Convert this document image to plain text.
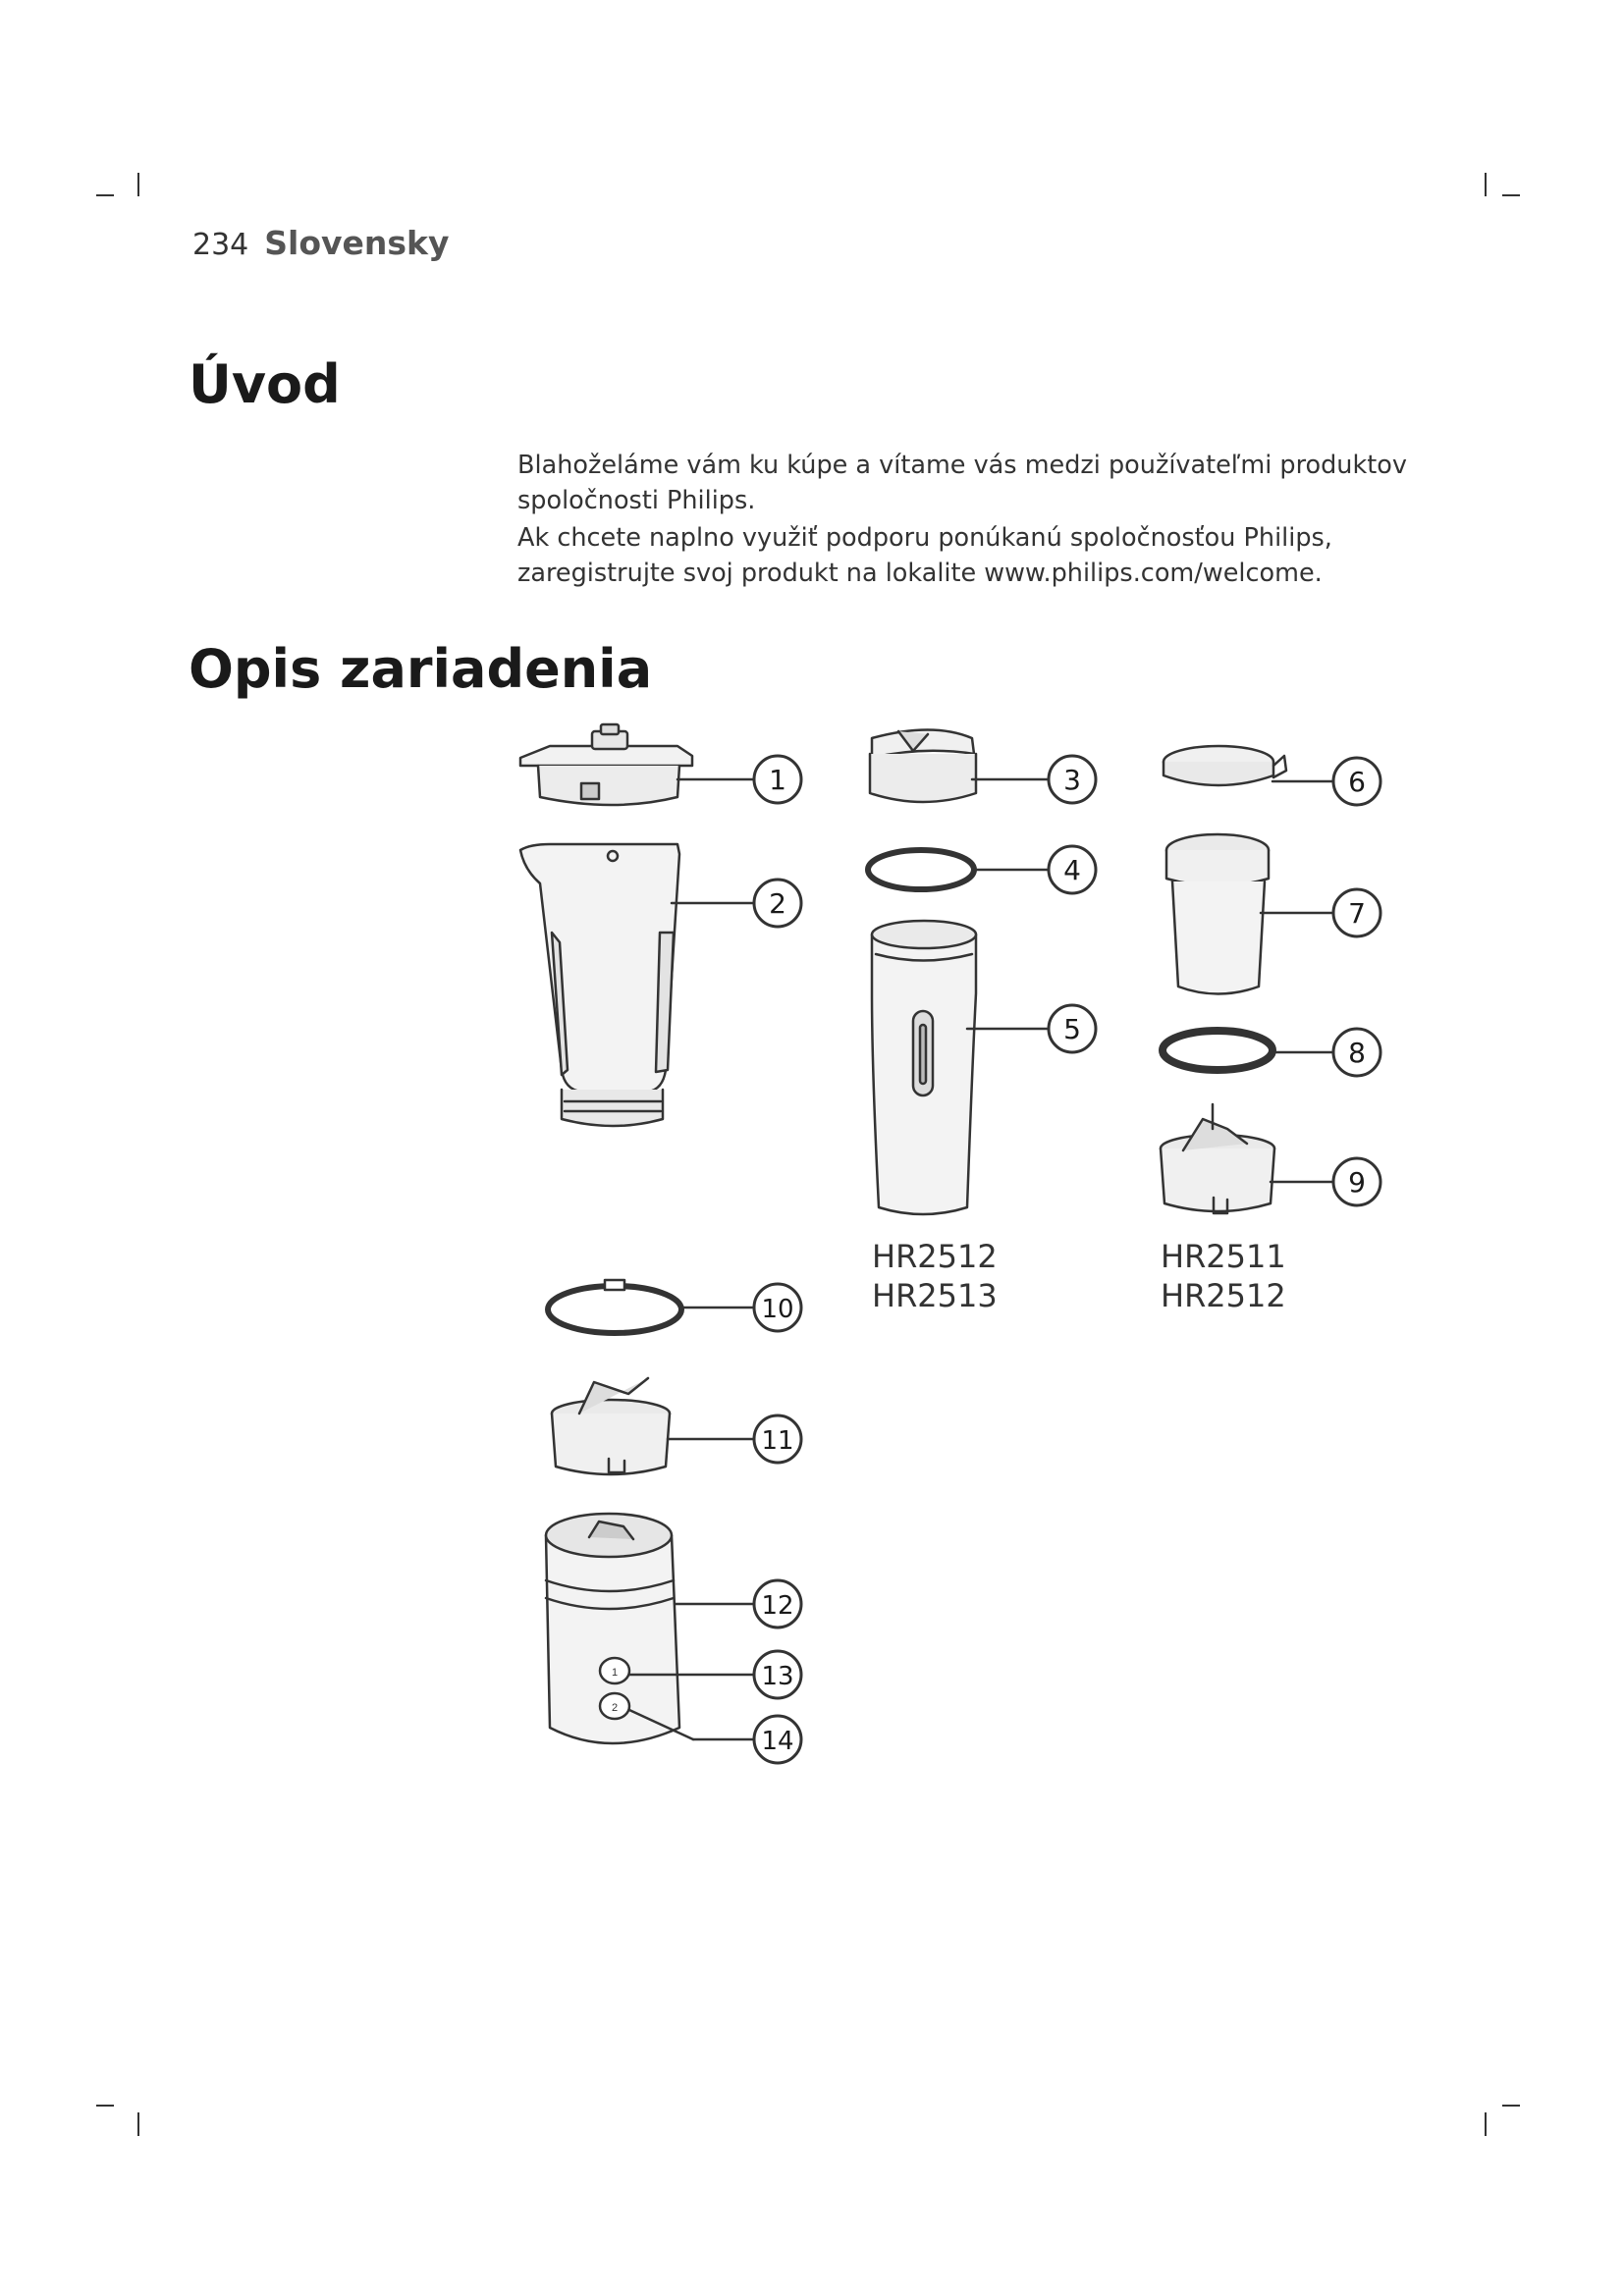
234 Slovensky
Úvod

Blahoželáme vám ku kúpe a vítame vás medzi používateľmi produktov spoločnosti Philips.

Ak chcete naplno využiť podporu ponúkanú spoločnosťou Philips, zaregistrujte svoj produkt na lokalite www.philips.com/welcome.

Opis zariadenia
1
2
1
2
3
4
5
6
7
8
9
10
11
12
13
14
HR2512
HR2513
HR2511
HR2512
